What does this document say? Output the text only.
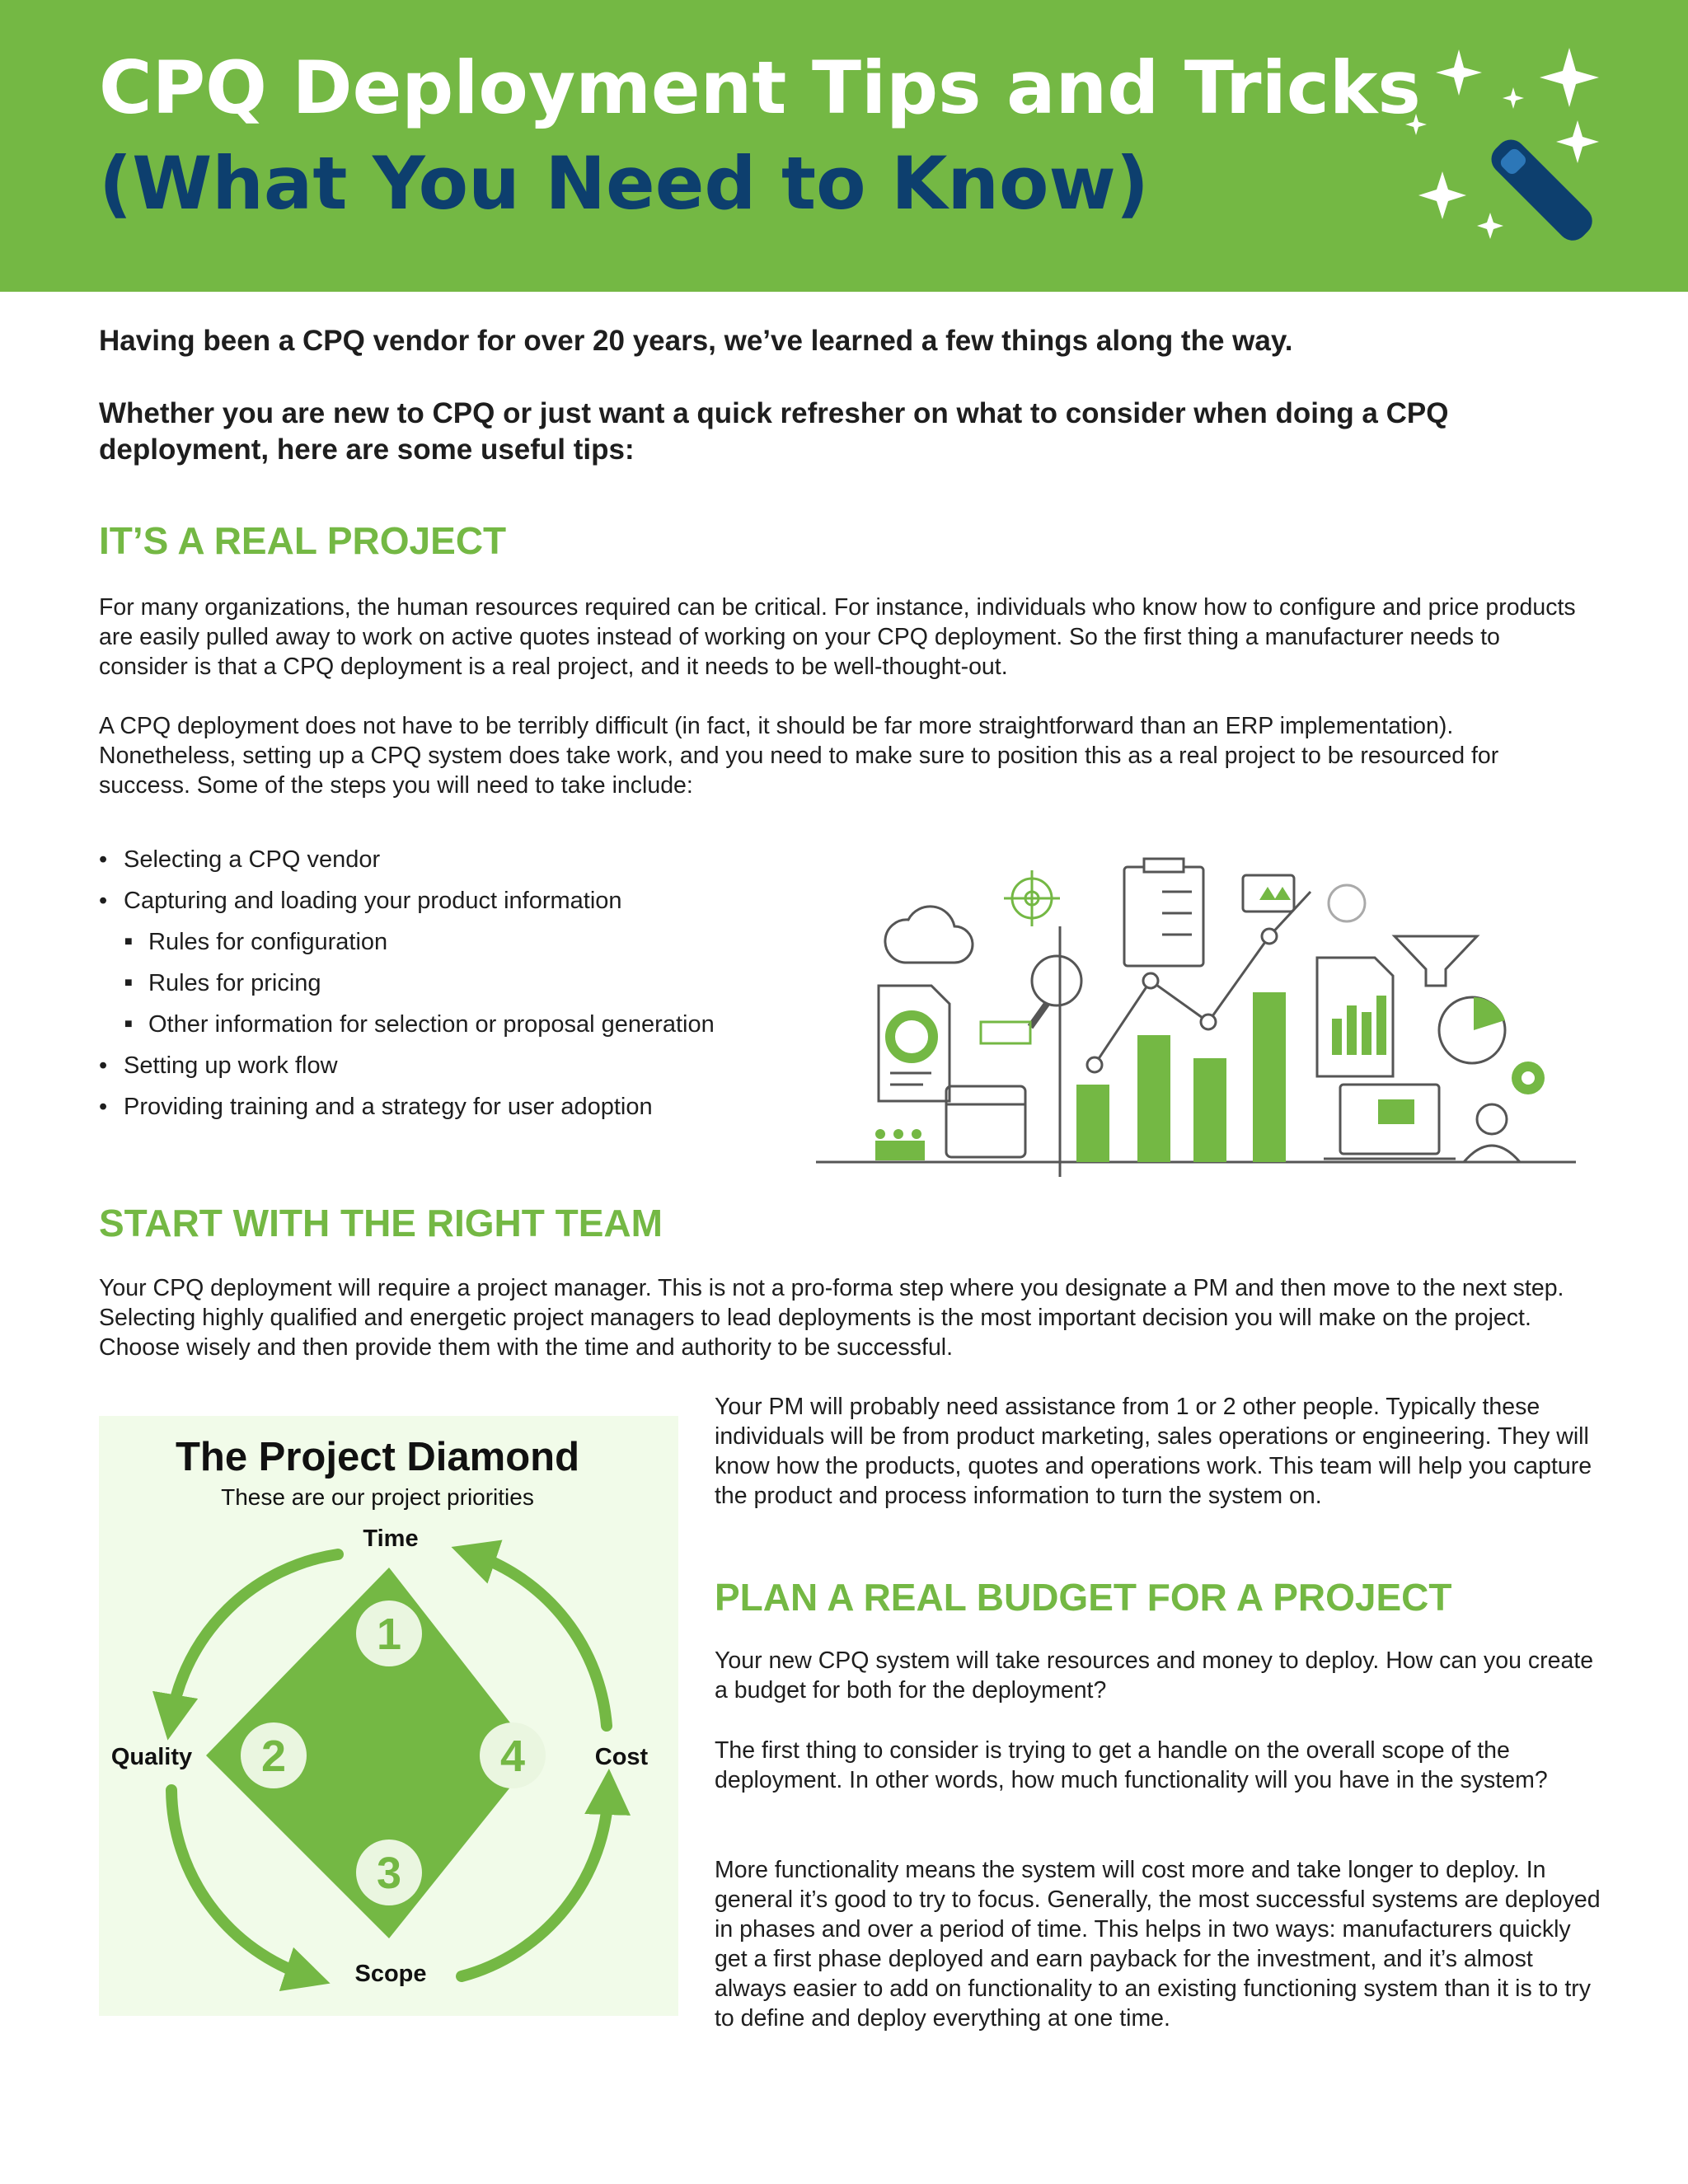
CPQ Deployment Tips and Tricks
(What You Need to Know)
Having been a CPQ vendor for over 20 years, we’ve learned a few things along the way.
Whether you are new to CPQ or just want a quick refresher on what to consider when doing a CPQ deployment, here are some useful tips:
IT’S A REAL PROJECT

For many organizations, the human resources required can be critical. For instance, individuals who know how to configure and price products are easily pulled away to work on active quotes instead of working on your CPQ deployment. So the first thing a manufacturer needs to consider is that a CPQ deployment is a real project, and it needs to be well-thought-out.

A CPQ deployment does not have to be terribly difficult (in fact, it should be far more straightforward than an ERP implementation). Nonetheless, setting up a CPQ system does take work, and you need to make sure to position this as a real project to be resourced for success. Some of the steps you will need to take include:

• Selecting a CPQ vendor
• Capturing and loading your product information
■ Rules for configuration
■ Rules for pricing
■ Other information for selection or proposal generation
• Setting up work flow
• Providing training and a strategy for user adoption
START WITH THE RIGHT TEAM

Your CPQ deployment will require a project manager. This is not a pro-forma step where you designate a PM and then move to the next step. Selecting highly qualified and energetic project managers to lead deployments is the most important decision you will make on the project. Choose wisely and then provide them with the time and authority to be successful.

Your PM will probably need assistance from 1 or 2 other people. Typically these individuals will be from product marketing, sales operations or engineering. They will know how the products, quotes and operations work. This team will help you capture the product and process information to turn the system on.

The Project Diamond
These are our project priorities
1
2
3
4
Time
Quality	Cost
Scope
PLAN A REAL BUDGET FOR A PROJECT

Your new CPQ system will take resources and money to deploy. How can you create a budget for both for the deployment?

The first thing to consider is trying to get a handle on the overall scope of the deployment. In other words, how much functionality will you have in the system?

More functionality means the system will cost more and take longer to deploy. In general it’s good to try to focus. Generally, the most successful systems are deployed in phases and over a period of time. This helps in two ways: manufacturers quickly get a first phase deployed and earn payback for the investment, and it’s almost always easier to add on functionality to an existing functioning system than it is to try to define and deploy everything at one time.
